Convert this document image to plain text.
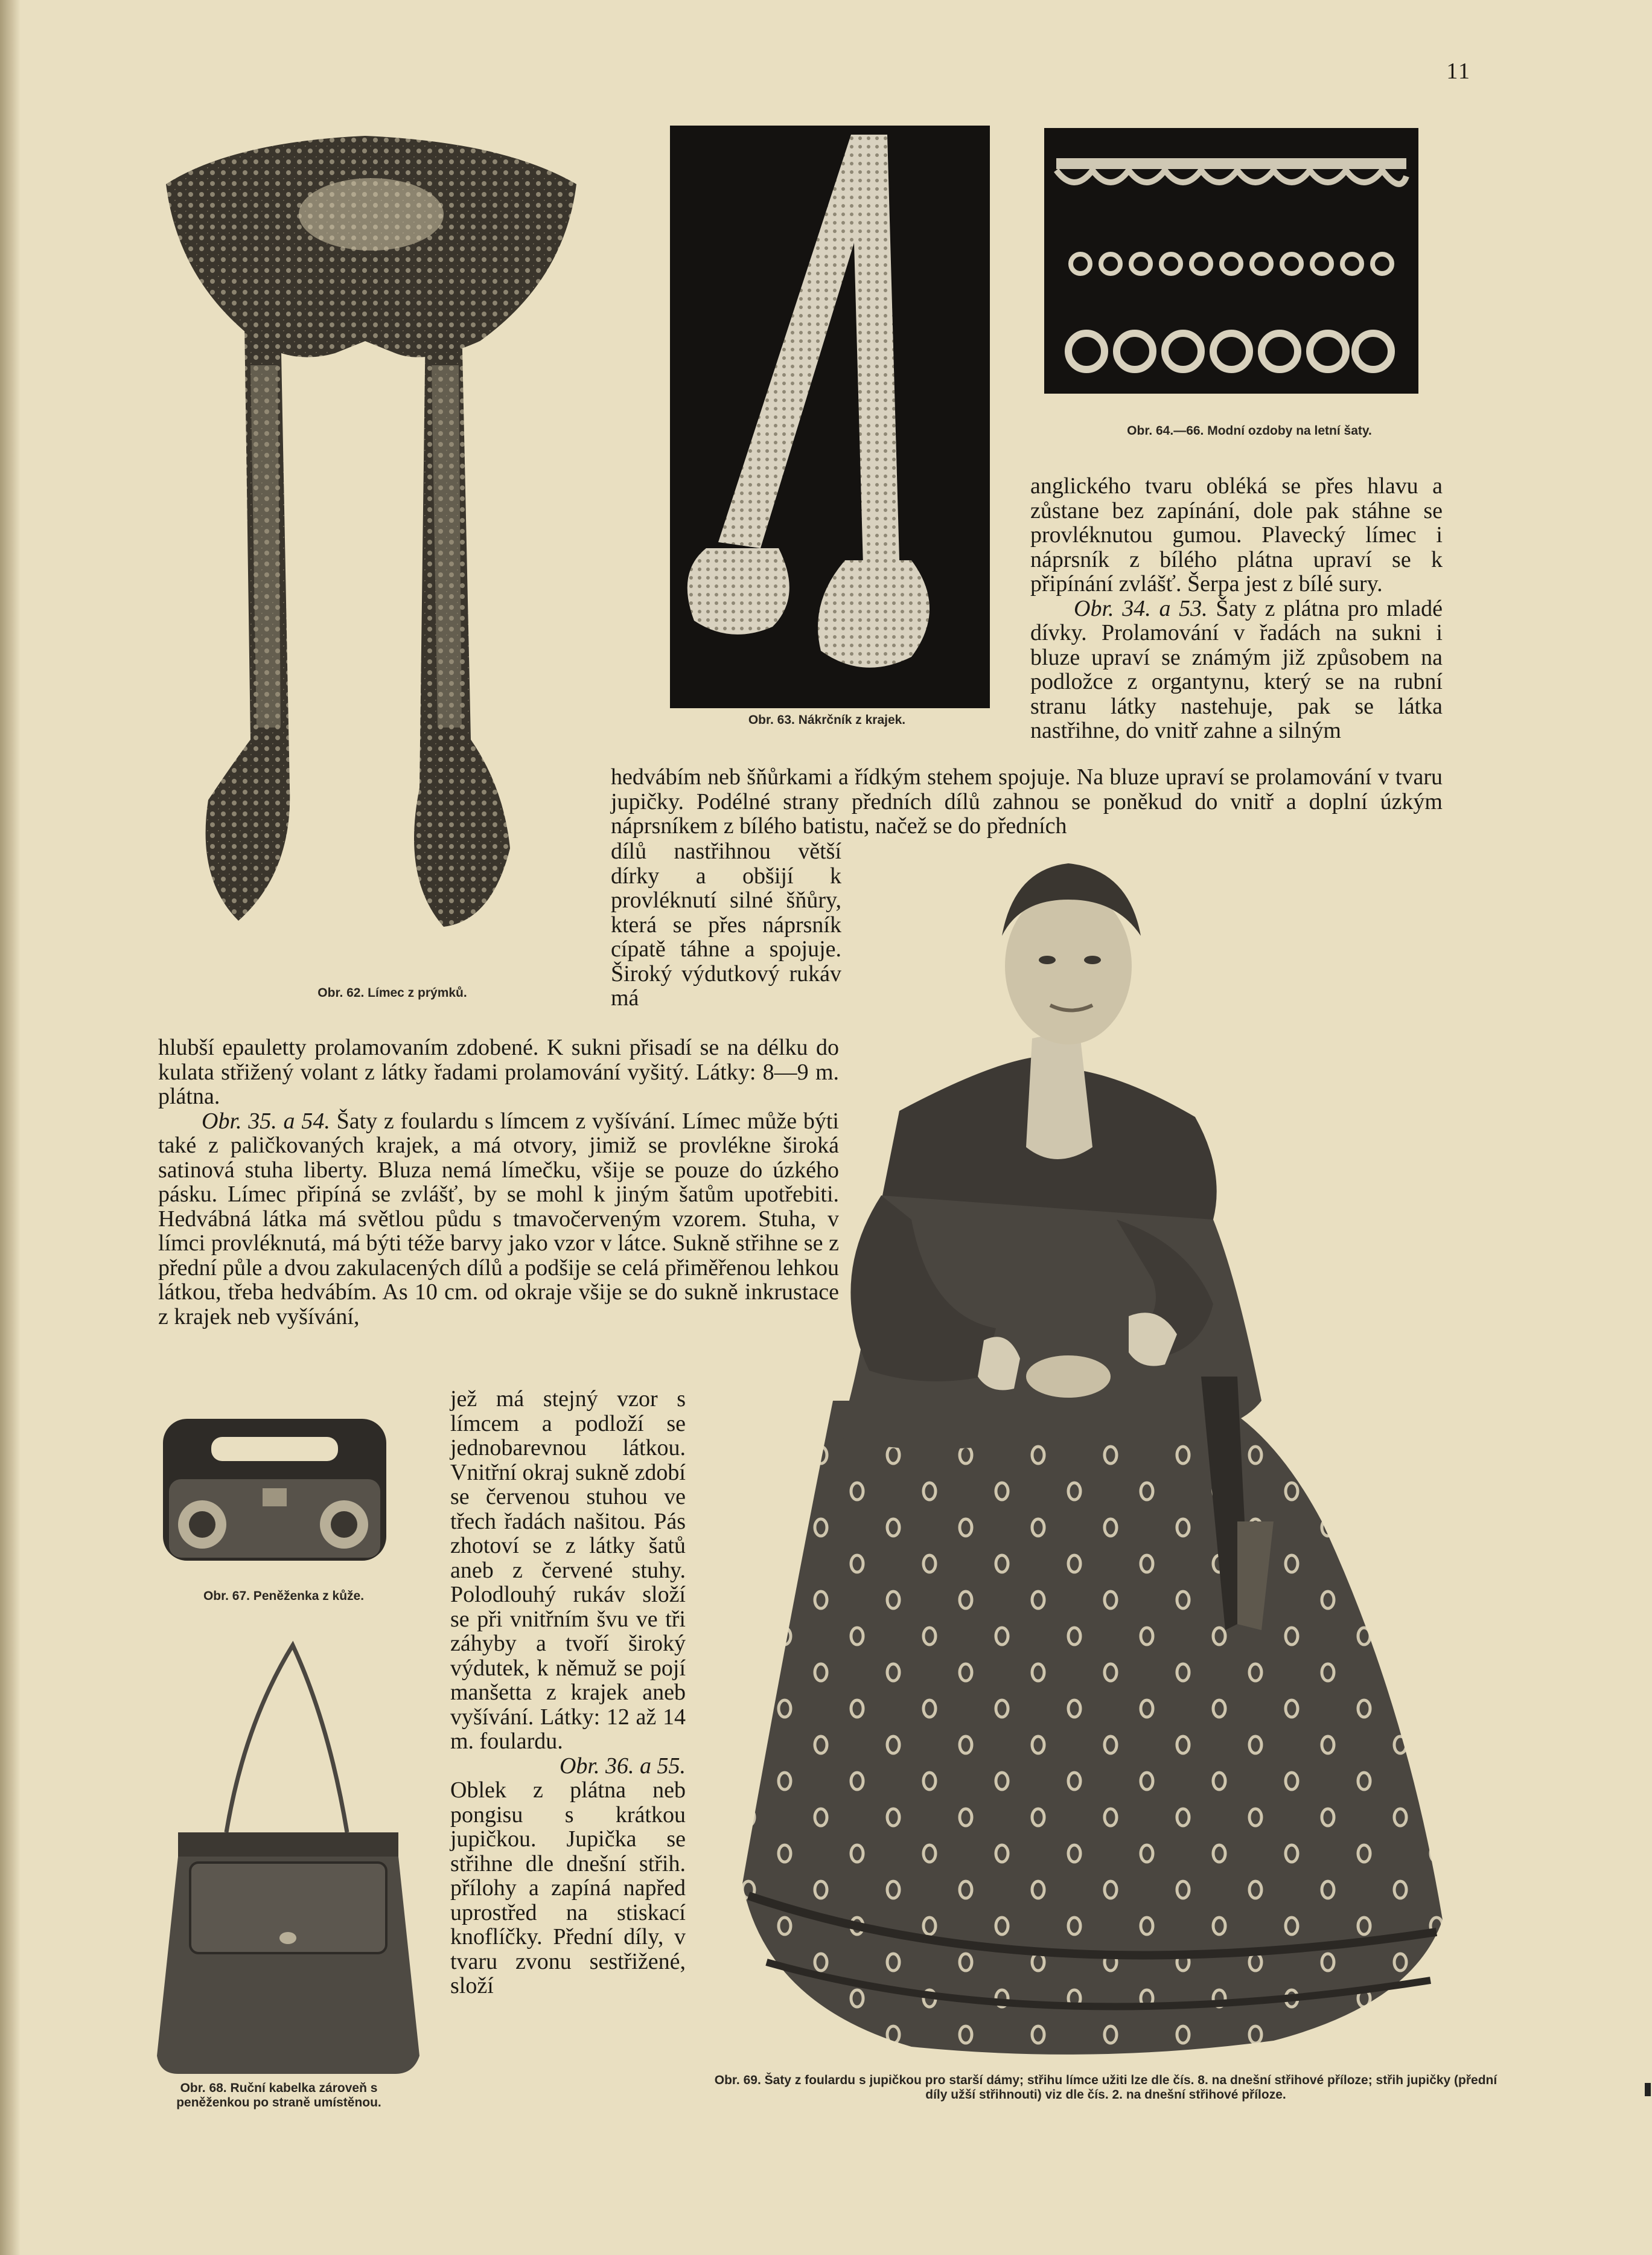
11
Obr. 62. Límec z prýmků.
Obr. 63. Nákrčník z krajek.
Obr. 64.—66. Modní ozdoby na letní šaty.

anglického tvaru obléká se přes hlavu a zůstane bez zapínání, dole pak stáhne se provléknutou gumou. Plavecký límec i náprsník z bílého plátna upraví se k připínání zvlášť. Šerpa jest z bílé sury.

Obr. 34. a 53. Šaty z plátna pro mladé dívky. Prolamování v řadách na sukni i bluze upraví se známým již způsobem na podložce z organtynu, který se na rubní stranu látky nastehuje, pak se látka nastřihne, do vnitř zahne a silným

hedvábím neb šňůrkami a řídkým stehem spojuje. Na bluze upraví se prolamování v tvaru jupičky. Podélné strany předních dílů zahnou se poněkud do vnitř a doplní úzkým náprsníkem z bílého batistu, načež se do předních

dílů nastřihnou větší dírky a obšijí k provléknutí silné šňůry, která se přes náprsník cípatě táhne a spojuje. Široký výdutkový rukáv má

hlubší epauletty prolamovaním zdobené. K sukni přisadí se na délku do kulata střižený volant z látky řadami prolamování vyšitý. Látky: 8—9 m. plátna.

Obr. 35. a 54. Šaty z foulardu s límcem z vyšívání. Límec může býti také z paličkovaných krajek, a má otvory, jimiž se provlékne široká satinová stuha liberty. Bluza nemá límečku, všije se pouze do úzkého pásku. Límec připíná se zvlášť, by se mohl k jiným šatům upotřebiti. Hedvábná látka má světlou půdu s tmavočerveným vzorem. Stuha, v límci provléknutá, má býti téže barvy jako vzor v látce. Sukně střihne se z přední půle a dvou zakulacených dílů a podšije se celá přiměřenou lehkou látkou, třeba hedvábím. As 10 cm. od okraje všije se do sukně inkrustace z krajek neb vyšívání,

Obr. 69. Šaty z foulardu s jupičkou pro starší dámy; střihu límce užiti lze dle čís. 8. na dnešní střihové příloze; střih jupičky (přední díly užší střihnouti) viz dle čís. 2. na dnešní střihové příloze.
Obr. 67. Peněženka z kůže.
Obr. 68. Ruční kabelka zároveň s peněženkou po straně umístěnou.

jež má stejný vzor s límcem a podloží se jednobarevnou látkou. Vnitřní okraj sukně zdobí se červenou stuhou ve třech řadách našitou. Pás zhotoví se z látky šatů aneb z červené stuhy. Polodlouhý rukáv složí se při vnitřním švu ve tři záhyby a tvoří široký výdutek, k němuž se pojí manšetta z krajek aneb vyšívání. Látky: 12 až 14 m. foulardu.

Obr. 36. a 55.

Oblek z plátna neb pongisu s krátkou jupičkou. Jupička se střihne dle dnešní střih. přílohy a zapíná napřed uprostřed na stiskací knoflíčky. Přední díly, v tvaru zvonu sestřižené, složí
